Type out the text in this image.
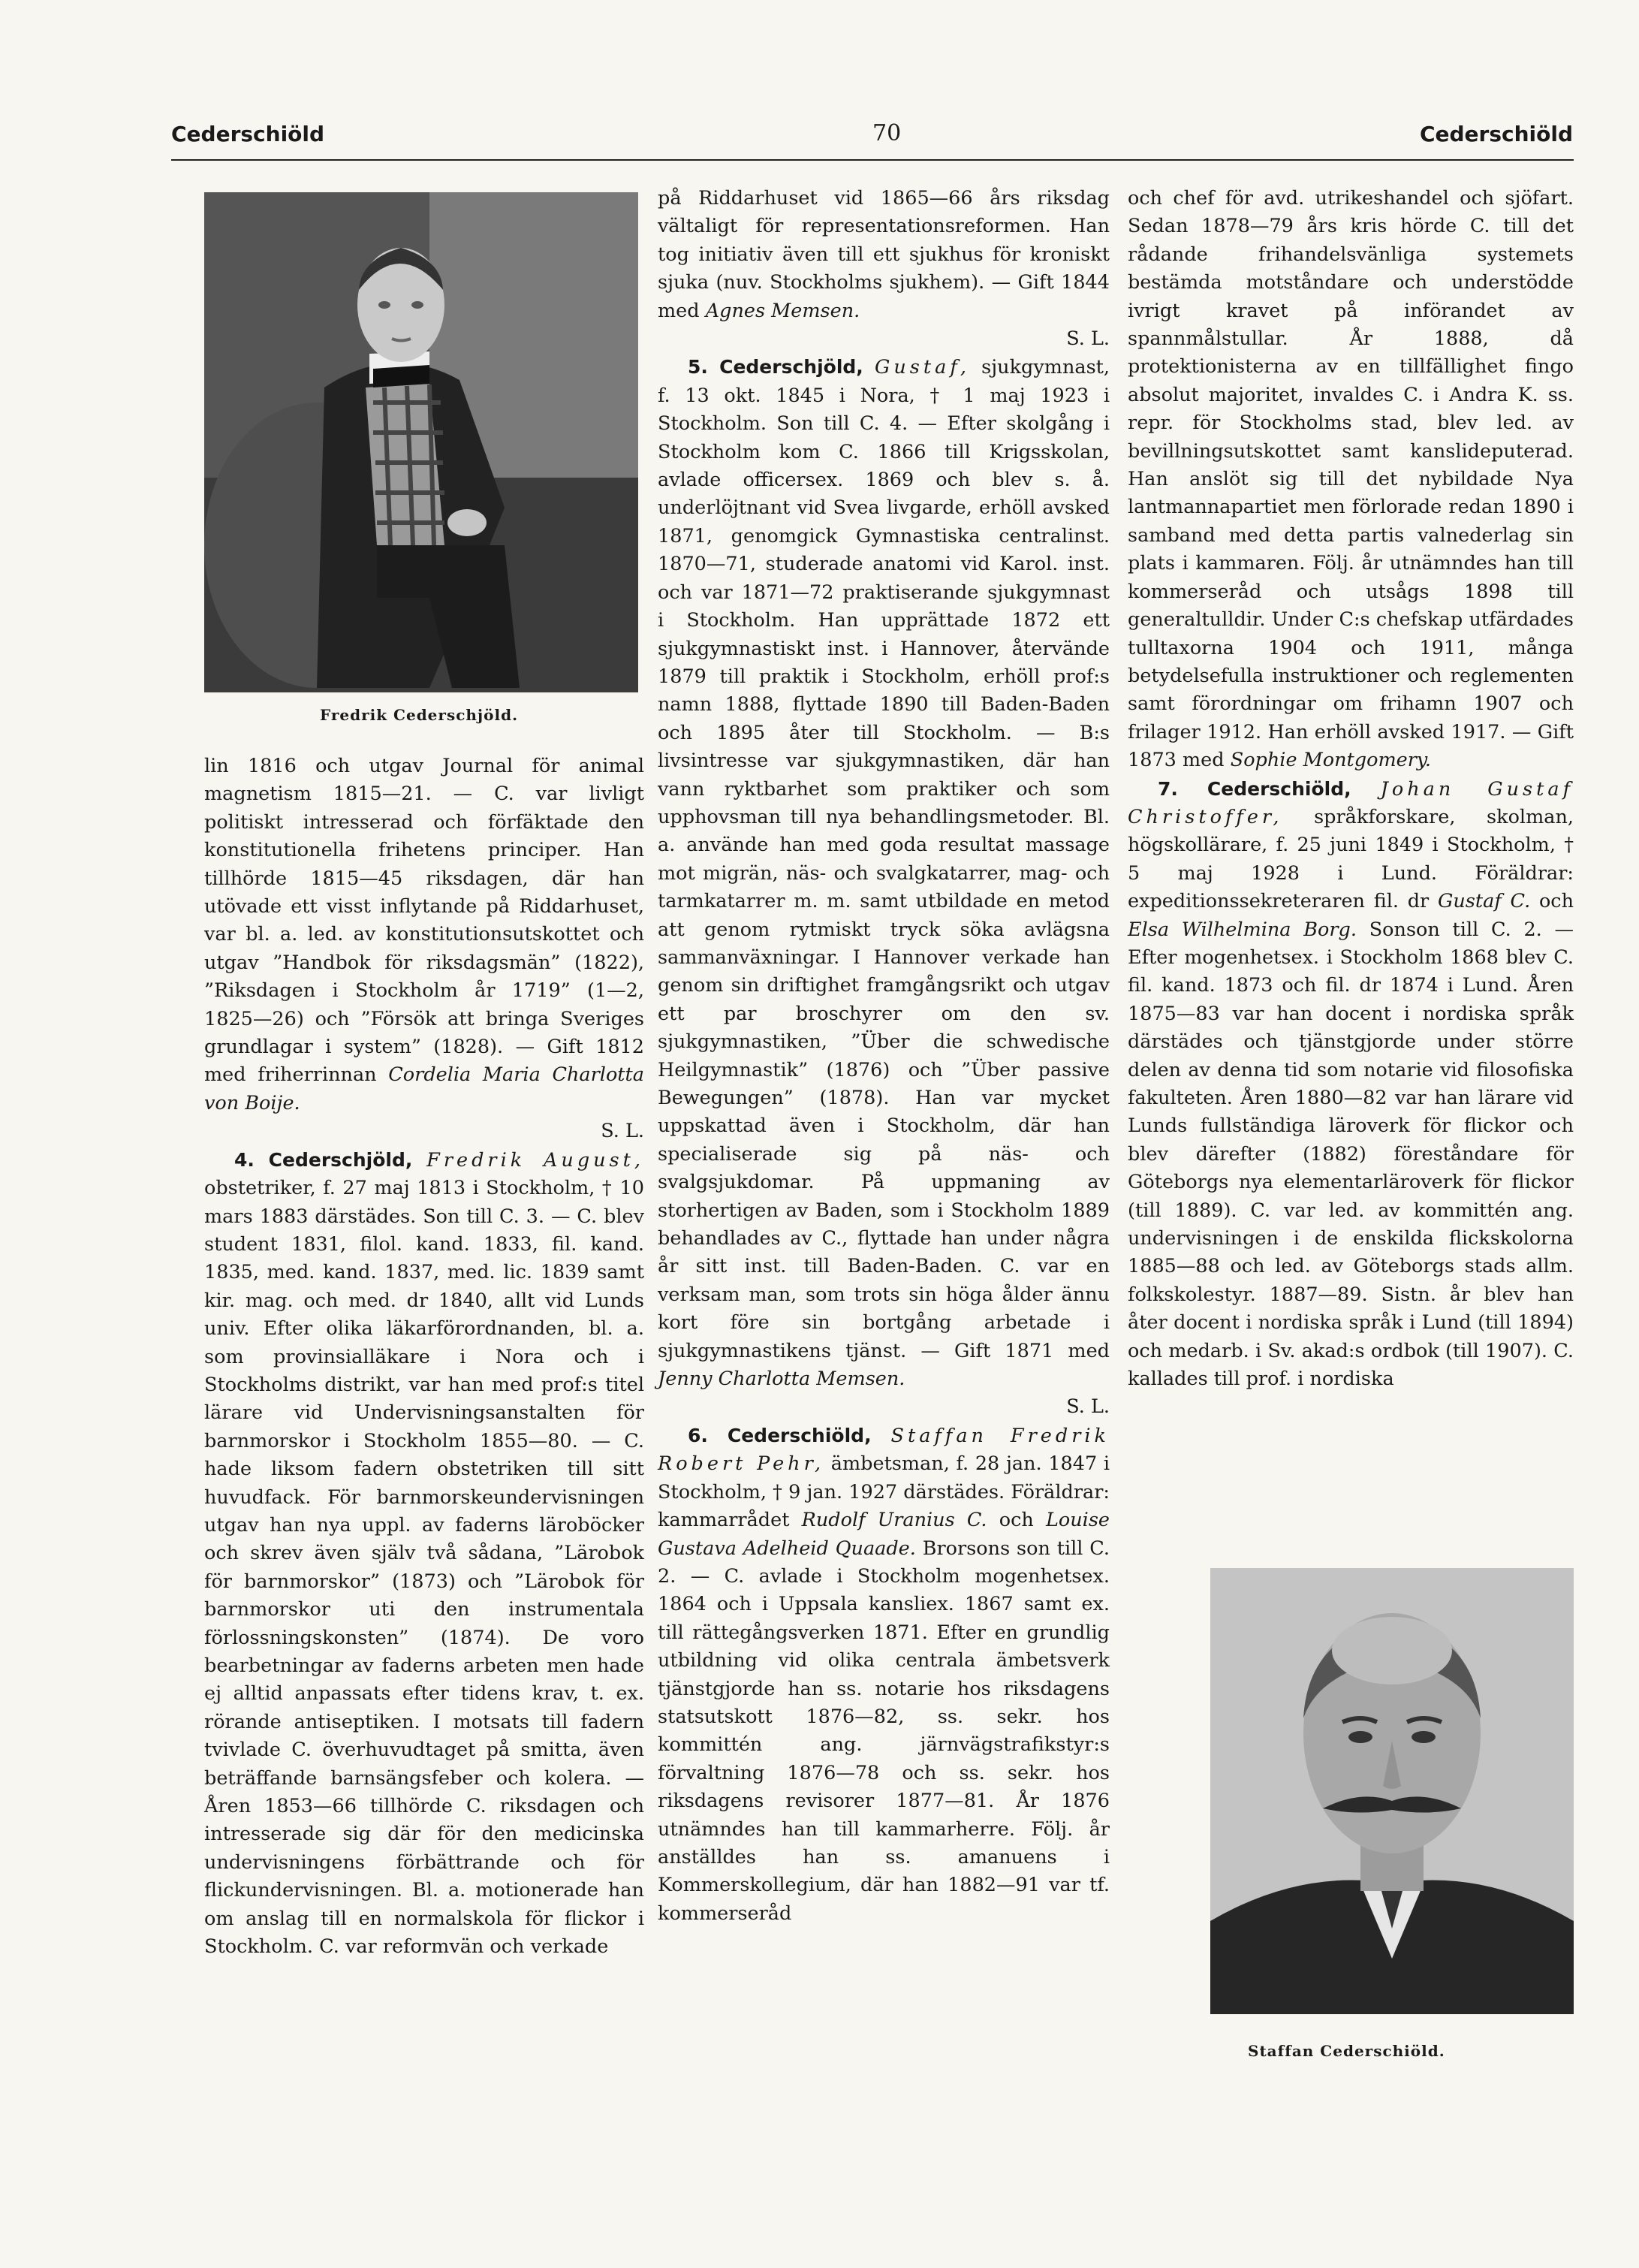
Cederschiöld	70	Cederschiöld
Fredrik Cederschjöld.

lin 1816 och utgav Journal för animal magnetism 1815—21. — C. var livligt politiskt intresserad och förfäktade den konstitutionella frihetens principer. Han tillhörde 1815—45 riksdagen, där han utövade ett visst inflytande på Riddarhuset, var bl. a. led. av konstitutionsutskottet och utgav ”Handbok för riksdagsmän” (1822), ”Riksdagen i Stockholm år 1719” (1—2, 1825—26) och ”Försök att bringa Sveriges grundlagar i system” (1828). — Gift 1812 med friherrinnan Cordelia Maria Charlotta von Boije.
S. L.

4. Cederschjöld, Fredrik August, obstetriker, f. 27 maj 1813 i Stockholm, † 10 mars 1883 därstädes. Son till C. 3. — C. blev student 1831, filol. kand. 1833, fil. kand. 1835, med. kand. 1837, med. lic. 1839 samt kir. mag. och med. dr 1840, allt vid Lunds univ. Efter olika läkarförordnanden, bl. a. som provinsialläkare i Nora och i Stockholms distrikt, var han med prof:s titel lärare vid Undervisningsanstalten för barnmorskor i Stockholm 1855—80. — C. hade liksom fadern obstetriken till sitt huvudfack. För barnmorskeundervisningen utgav han nya uppl. av faderns läroböcker och skrev även själv två sådana, ”Lärobok för barnmorskor” (1873) och ”Lärobok för barnmorskor uti den instrumentala förlossningskonsten” (1874). De voro bearbetningar av faderns arbeten men hade ej alltid anpassats efter tidens krav, t. ex. rörande antiseptiken. I motsats till fadern tvivlade C. överhuvudtaget på smitta, även beträffande barnsängsfeber och kolera. — Åren 1853—66 tillhörde C. riksdagen och intresserade sig där för den medicinska undervisningens förbättrande och för flickundervisningen. Bl. a. motionerade han om anslag till en normalskola för flickor i Stockholm. C. var reformvän och verkade

på Riddarhuset vid 1865—66 års riksdag vältaligt för representationsreformen. Han tog initiativ även till ett sjukhus för kroniskt sjuka (nuv. Stockholms sjukhem). — Gift 1844 med Agnes Memsen.
S. L.

5. Cederschjöld, Gustaf, sjukgymnast, f. 13 okt. 1845 i Nora, † 1 maj 1923 i Stockholm. Son till C. 4. — Efter skolgång i Stockholm kom C. 1866 till Krigsskolan, avlade officersex. 1869 och blev s. å. underlöjtnant vid Svea livgarde, erhöll avsked 1871, genomgick Gymnastiska centralinst. 1870—71, studerade anatomi vid Karol. inst. och var 1871—72 praktiserande sjukgymnast i Stockholm. Han upprättade 1872 ett sjukgymnastiskt inst. i Hannover, återvände 1879 till praktik i Stockholm, erhöll prof:s namn 1888, flyttade 1890 till Baden-Baden och 1895 åter till Stockholm. — B:s livsintresse var sjukgymnastiken, där han vann ryktbarhet som praktiker och som upphovsman till nya behandlingsmetoder. Bl. a. använde han med goda resultat massage mot migrän, näs- och svalgkatarrer, mag- och tarmkatarrer m. m. samt utbildade en metod att genom rytmiskt tryck söka avlägsna sammanväxningar. I Hannover verkade han genom sin driftighet framgångsrikt och utgav ett par broschyrer om den sv. sjukgymnastiken, ”Über die schwedische Heilgymnastik” (1876) och ”Über passive Bewegungen” (1878). Han var mycket uppskattad även i Stockholm, där han specialiserade sig på näs- och svalgsjukdomar. På uppmaning av storhertigen av Baden, som i Stockholm 1889 behandlades av C., flyttade han under några år sitt inst. till Baden-Baden. C. var en verksam man, som trots sin höga ålder ännu kort före sin bortgång arbetade i sjukgymnastikens tjänst. — Gift 1871 med Jenny Charlotta Memsen.
S. L.

6. Cederschiöld, Staffan Fredrik Robert Pehr, ämbetsman, f. 28 jan. 1847 i Stockholm, † 9 jan. 1927 därstädes. Föräldrar: kammarrådet Rudolf Uranius C. och Louise Gustava Adelheid Quaade. Brorsons son till C. 2. — C. avlade i Stockholm mogenhetsex. 1864 och i Uppsala kansliex. 1867 samt ex. till rättegångsverken 1871. Efter en grundlig utbildning vid olika centrala ämbetsverk tjänstgjorde han ss. notarie hos riksdagens statsutskott 1876—82, ss. sekr. hos kommittén ang. järnvägstrafikstyr:s förvaltning 1876—78 och ss. sekr. hos riksdagens revisorer 1877—81. År 1876 utnämndes han till kammarherre. Följ. år anställdes han ss. amanuens i Kommerskollegium, där han 1882—91 var tf. kommerseråd

och chef för avd. utrikeshandel och sjöfart. Sedan 1878—79 års kris hörde C. till det rådande frihandelsvänliga systemets bestämda motståndare och understödde ivrigt kravet på införandet av spannmålstullar. År 1888, då protektionisterna av en tillfällighet fingo absolut majoritet, invaldes C. i Andra K. ss. repr. för Stockholms stad, blev led. av bevillningsutskottet samt kanslideputerad. Han anslöt sig till det nybildade Nya lantmannapartiet men förlorade redan 1890 i samband med detta partis valnederlag sin plats i kammaren. Följ. år utnämndes han till kommerseråd och utsågs 1898 till generaltulldir. Under C:s chefskap utfärdades tulltaxorna 1904 och 1911, många betydelsefulla instruktioner och reglementen samt förordningar om frihamn 1907 och frilager 1912. Han erhöll avsked 1917. — Gift 1873 med Sophie Montgomery.

7. Cederschiöld, Johan Gustaf Christoffer, språkforskare, skolman, högskollärare, f. 25 juni 1849 i Stockholm, † 5 maj 1928 i Lund. Föräldrar: expeditionssekreteraren fil. dr Gustaf C. och Elsa Wilhelmina Borg. Sonson till C. 2. — Efter mogenhetsex. i Stockholm 1868 blev C. fil. kand. 1873 och fil. dr 1874 i Lund. Åren 1875—83 var han docent i nordiska språk därstädes och tjänstgjorde under större delen av denna tid som notarie vid filosofiska fakulteten. Åren 1880—82 var han lärare vid Lunds fullständiga läroverk för flickor och blev därefter (1882) föreståndare för Göteborgs nya elementarläroverk för flickor (till 1889). C. var led. av kommittén ang. undervisningen i de enskilda flickskolorna 1885—88 och led. av Göteborgs stads allm. folkskolestyr. 1887—89. Sistn. år blev han åter docent i nordiska språk i Lund (till 1894) och medarb. i Sv. akad:s ordbok (till 1907). C. kallades till prof. i nordiska

Staffan Cederschiöld.
